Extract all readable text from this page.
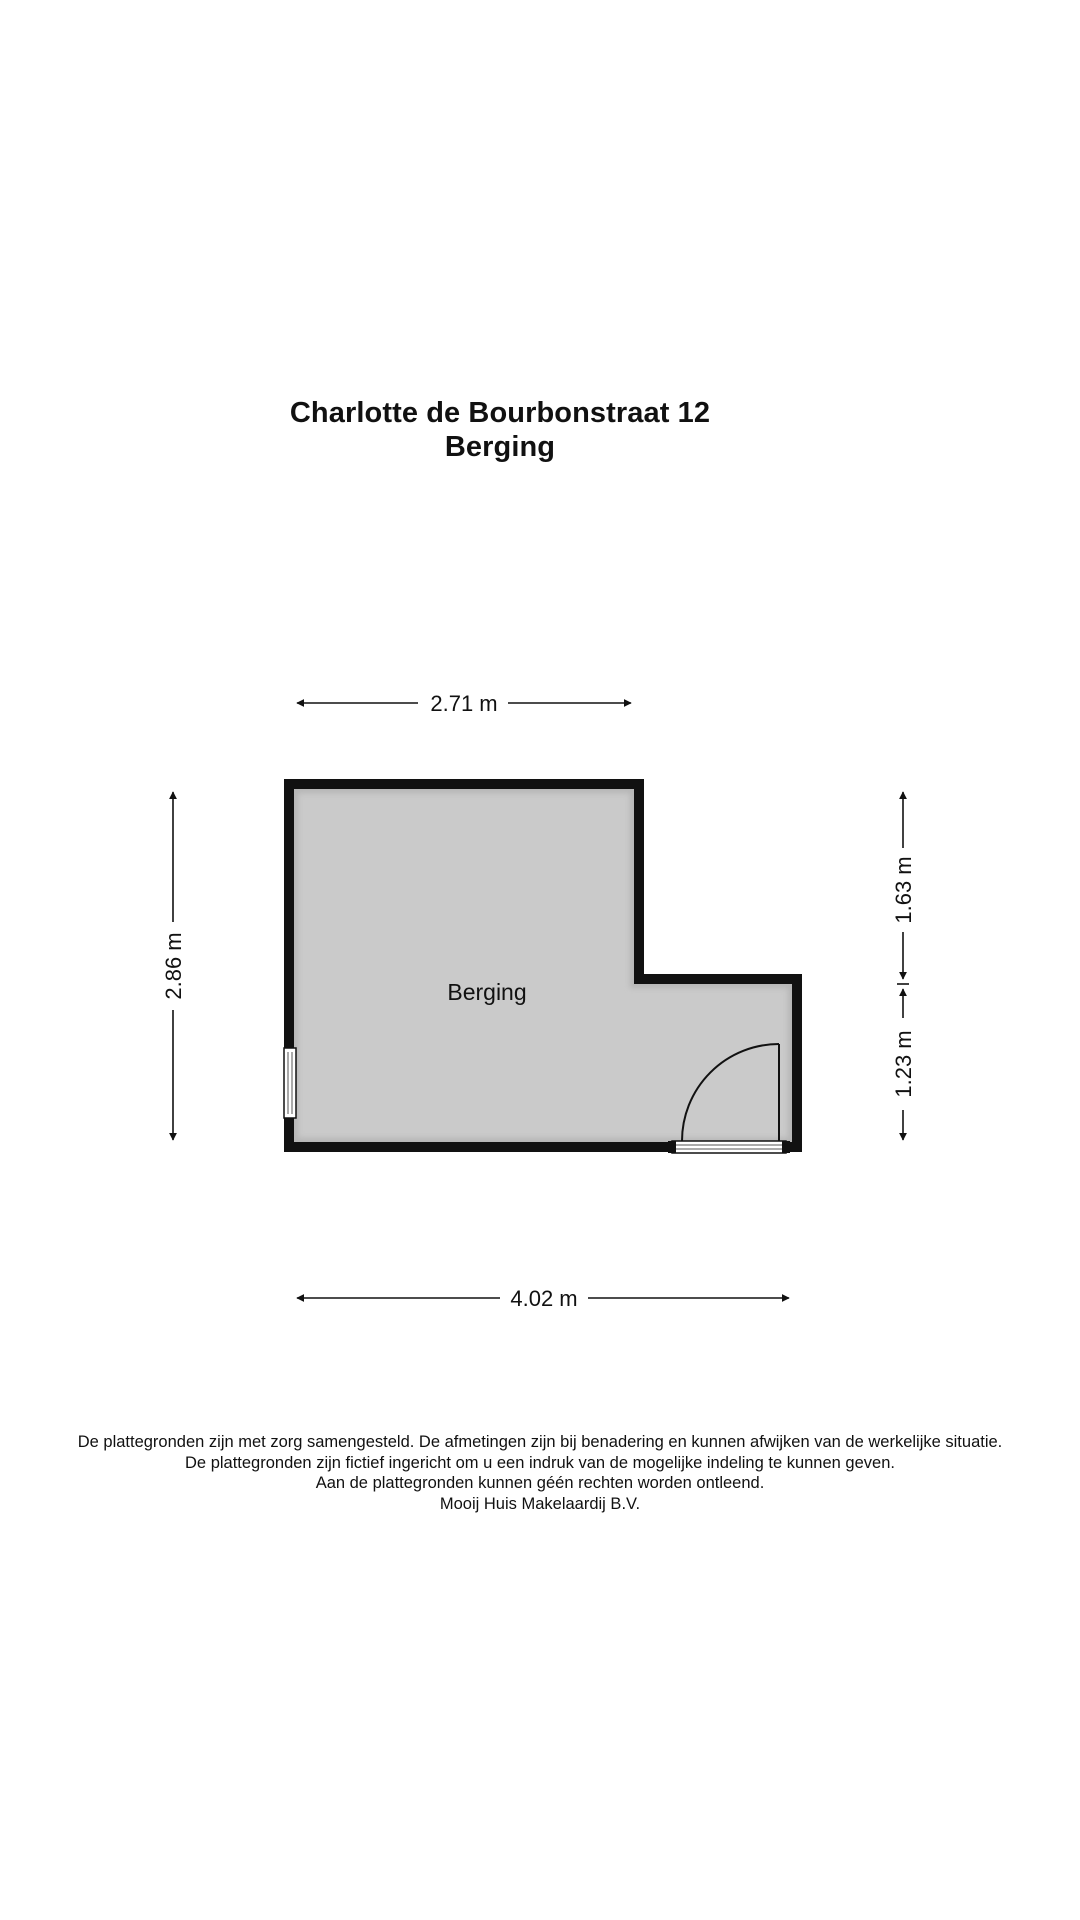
Charlotte de Bourbonstraat 12
Berging
Berging
2.71 m
2.86 m
1.63 m
1.23 m
4.02 m
De plattegronden zijn met zorg samengesteld. De afmetingen zijn bij benadering en kunnen afwijken van de werkelijke situatie.
De plattegronden zijn fictief ingericht om u een indruk van de mogelijke indeling te kunnen geven.
Aan de plattegronden kunnen géén rechten worden ontleend.
Mooij Huis Makelaardij B.V.
